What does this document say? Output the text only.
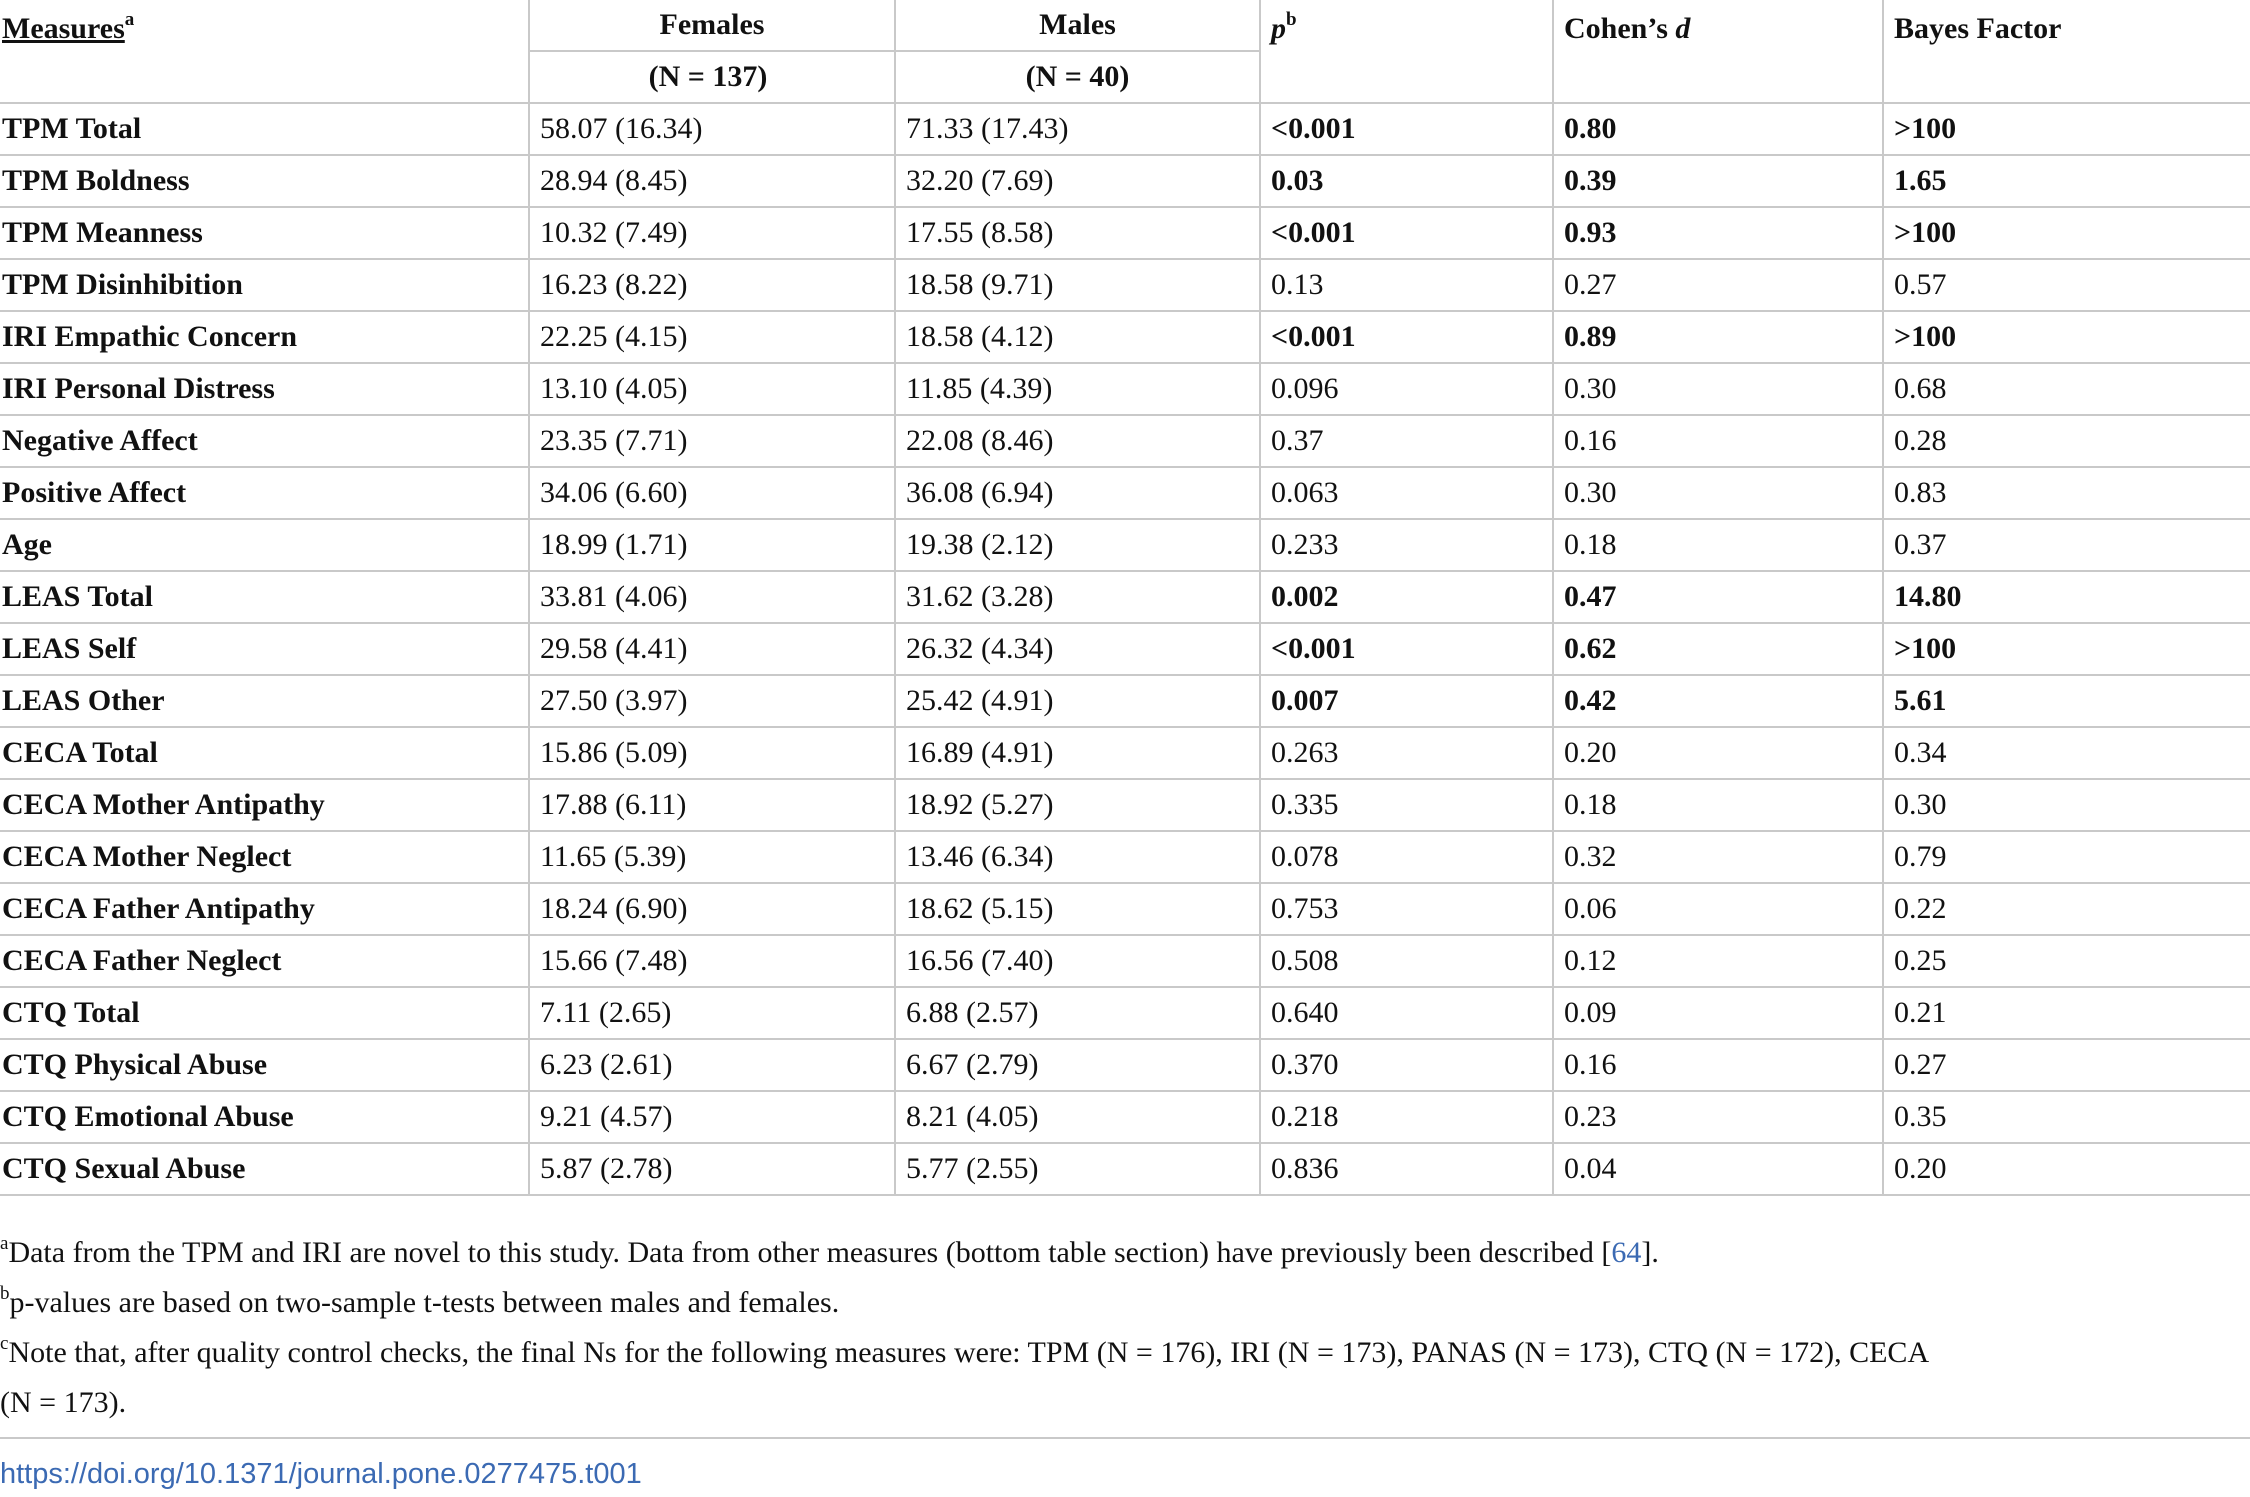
Measures$^a$	Females	Males	$p^b$	Cohen’s d	Bayes Factor
	(N = 137)	(N = 40)			
TPM Total	58.07 (16.34)	71.33 (17.43)	<0.001	0.80	>100
TPM Boldness	28.94 (8.45)	32.20 (7.69)	0.03	0.39	1.65
TPM Meanness	10.32 (7.49)	17.55 (8.58)	<0.001	0.93	>100
TPM Disinhibition	16.23 (8.22)	18.58 (9.71)	0.13	0.27	0.57
IRI Empathic Concern	22.25 (4.15)	18.58 (4.12)	<0.001	0.89	>100
IRI Personal Distress	13.10 (4.05)	11.85 (4.39)	0.096	0.30	0.68
Negative Affect	23.35 (7.71)	22.08 (8.46)	0.37	0.16	0.28
Positive Affect	34.06 (6.60)	36.08 (6.94)	0.063	0.30	0.83
Age	18.99 (1.71)	19.38 (2.12)	0.233	0.18	0.37
LEAS Total	33.81 (4.06)	31.62 (3.28)	0.002	0.47	14.80
LEAS Self	29.58 (4.41)	26.32 (4.34)	<0.001	0.62	>100
LEAS Other	27.50 (3.97)	25.42 (4.91)	0.007	0.42	5.61
CECA Total	15.86 (5.09)	16.89 (4.91)	0.263	0.20	0.34
CECA Mother Antipathy	17.88 (6.11)	18.92 (5.27)	0.335	0.18	0.30
CECA Mother Neglect	11.65 (5.39)	13.46 (6.34)	0.078	0.32	0.79
CECA Father Antipathy	18.24 (6.90)	18.62 (5.15)	0.753	0.06	0.22
CECA Father Neglect	15.66 (7.48)	16.56 (7.40)	0.508	0.12	0.25
CTQ Total	7.11 (2.65)	6.88 (2.57)	0.640	0.09	0.21
CTQ Physical Abuse	6.23 (2.61)	6.67 (2.79)	0.370	0.16	0.27
CTQ Emotional Abuse	9.21 (4.57)	8.21 (4.05)	0.218	0.23	0.35
CTQ Sexual Abuse	5.87 (2.78)	5.77 (2.55)	0.836	0.04	0.20
$^a$Data from the TPM and IRI are novel to this study. Data from other measures (bottom table section) have previously been described [64].
$^b$p-values are based on two-sample t-tests between males and females.
$^c$Note that, after quality control checks, the final Ns for the following measures were: TPM (N = 176), IRI (N = 173), PANAS (N = 173), CTQ (N = 172), CECA
(N = 173).
https://doi.org/10.1371/journal.pone.0277475.t001
